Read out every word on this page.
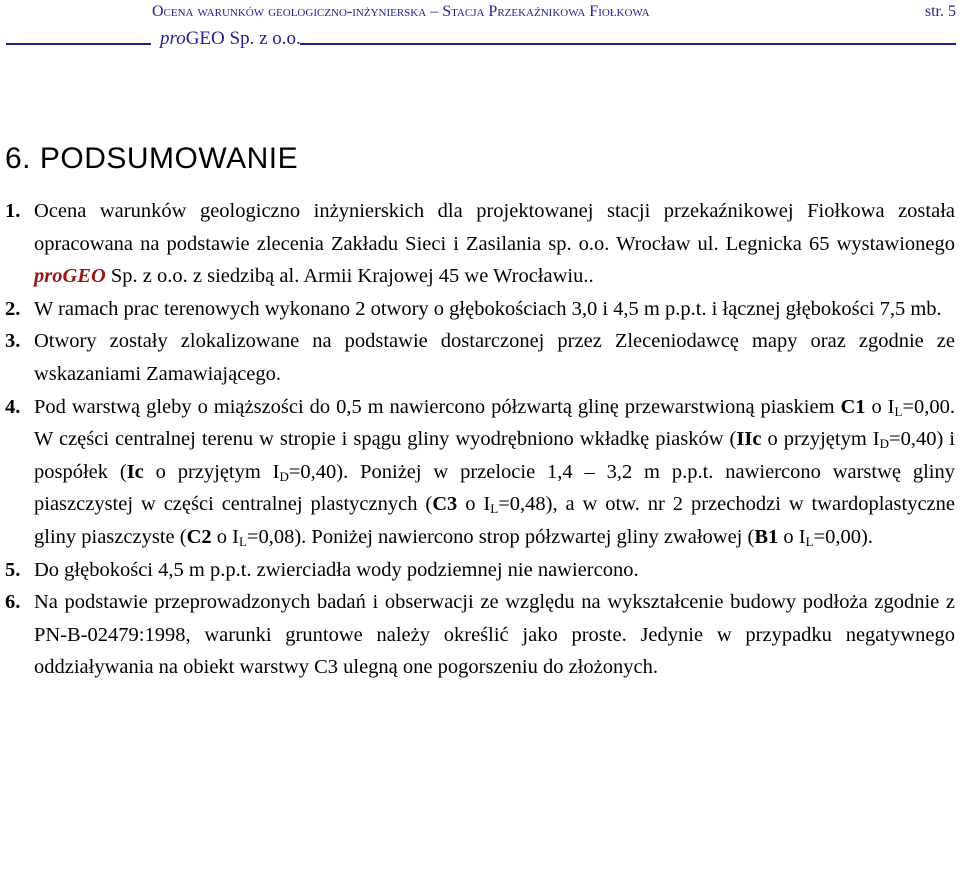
Ocena warunków geologiczno-inżynierska – Stacja Przekaźnikowa Fiołkowa	str. 5
proGEO Sp. z o.o.
6. PODSUMOWANIE
1. Ocena warunków geologiczno inżynierskich dla projektowanej stacji przekaźnikowej Fiołkowa została opracowana na podstawie zlecenia Zakładu Sieci i Zasilania sp. o.o. Wrocław ul. Legnicka 65 wystawionego proGEO Sp. z o.o. z siedzibą al. Armii Krajowej 45 we Wrocławiu..

2. W ramach prac terenowych wykonano 2 otwory o głębokościach 3,0 i 4,5 m p.p.t. i łącznej głębokości 7,5 mb.

3. Otwory zostały zlokalizowane na podstawie dostarczonej przez Zleceniodawcę mapy oraz zgodnie ze wskazaniami Zamawiającego.

4. Pod warstwą gleby o miąższości do 0,5 m nawiercono półzwartą glinę przewarstwioną piaskiem C1 o $I_L=0,00$. W części centralnej terenu w stropie i spągu gliny wyodrębniono wkładkę piasków (IIc o przyjętym $I_D=0,40$) i pospółek (Ic o przyjętym $I_D=0,40$). Poniżej w przelocie 1,4 – 3,2 m p.p.t. nawiercono warstwę gliny piaszczystej w części centralnej plastycznych (C3 o $I_L=0,48$), a w otw. nr 2 przechodzi w twardoplastyczne gliny piaszczyste (C2 o $I_L=0,08$). Poniżej nawiercono strop półzwartej gliny zwałowej (B1 o $I_L=0,00$).

5. Do głębokości 4,5 m p.p.t. zwierciadła wody podziemnej nie nawiercono.

6. Na podstawie przeprowadzonych badań i obserwacji ze względu na wykształcenie budowy podłoża zgodnie z PN-B-02479:1998, warunki gruntowe należy określić jako proste. Jedynie w przypadku negatywnego oddziaływania na obiekt warstwy C3 ulegną one pogorszeniu do złożonych.
